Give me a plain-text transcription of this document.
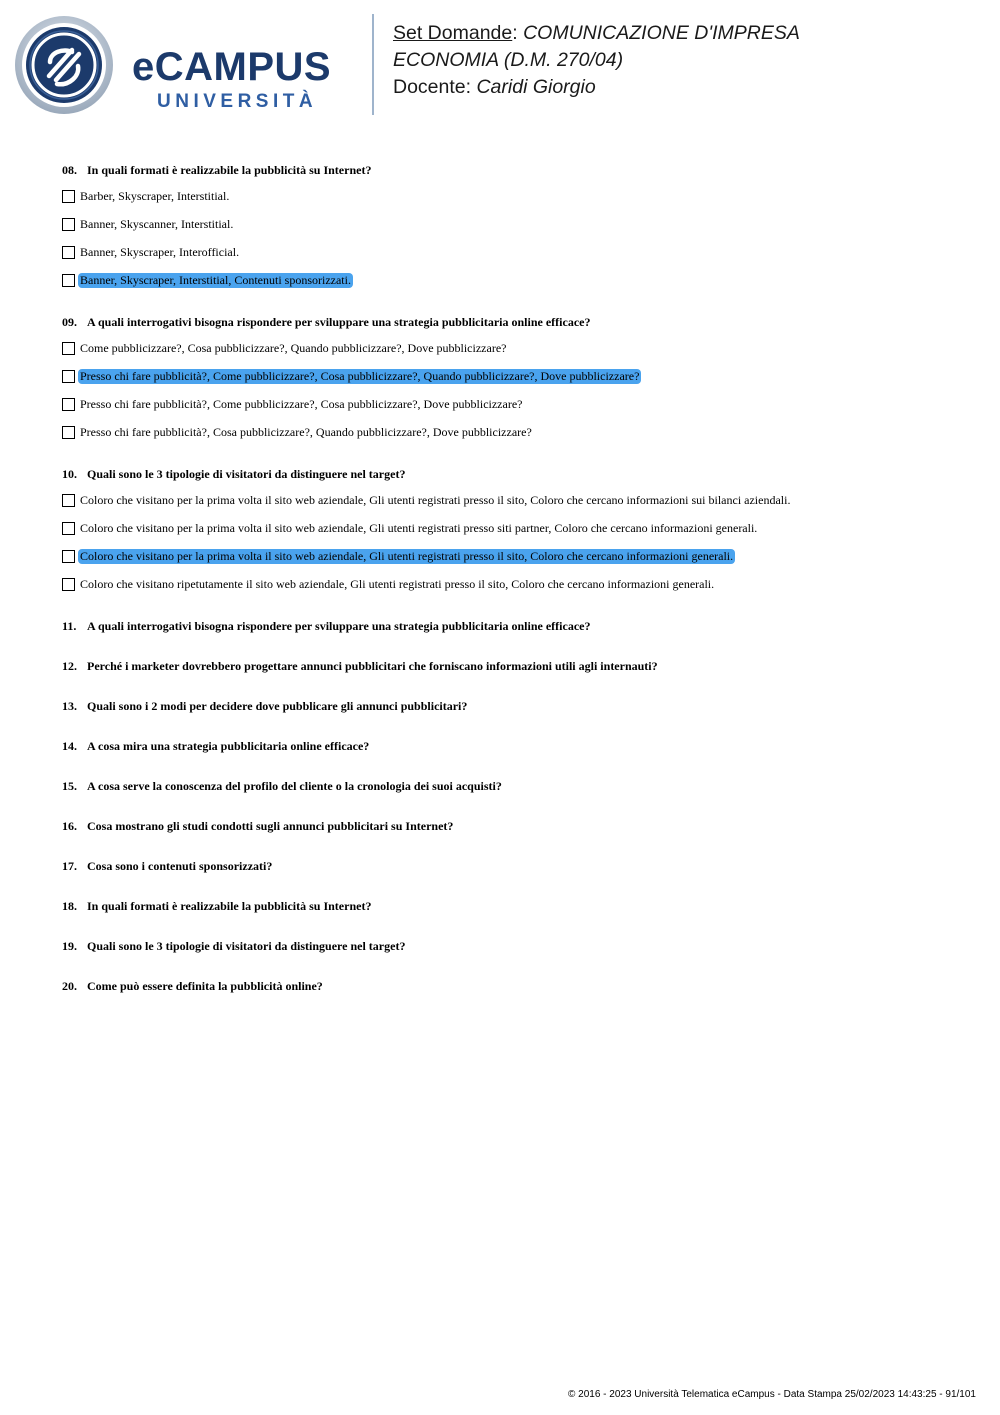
eCAMPUS
UNIVERSITÀ
Set Domande: COMUNICAZIONE D'IMPRESA
ECONOMIA (D.M. 270/04)
Docente: Caridi Giorgio
08. In quali formati è realizzabile la pubblicità su Internet?
Barber, Skyscraper, Interstitial.
Banner, Skyscanner, Interstitial.
Banner, Skyscraper, Interofficial.
Banner, Skyscraper, Interstitial, Contenuti sponsorizzati.
09. A quali interrogativi bisogna rispondere per sviluppare una strategia pubblicitaria online efficace?
Come pubblicizzare?, Cosa pubblicizzare?, Quando pubblicizzare?, Dove pubblicizzare?
Presso chi fare pubblicità?, Come pubblicizzare?, Cosa pubblicizzare?, Quando pubblicizzare?, Dove pubblicizzare?
Presso chi fare pubblicità?, Come pubblicizzare?, Cosa pubblicizzare?, Dove pubblicizzare?
Presso chi fare pubblicità?, Cosa pubblicizzare?, Quando pubblicizzare?, Dove pubblicizzare?
10. Quali sono le 3 tipologie di visitatori da distinguere nel target?
Coloro che visitano per la prima volta il sito web aziendale, Gli utenti registrati presso il sito, Coloro che cercano informazioni sui bilanci aziendali.
Coloro che visitano per la prima volta il sito web aziendale, Gli utenti registrati presso siti partner, Coloro che cercano informazioni generali.
Coloro che visitano per la prima volta il sito web aziendale, Gli utenti registrati presso il sito, Coloro che cercano informazioni generali.
Coloro che visitano ripetutamente il sito web aziendale, Gli utenti registrati presso il sito, Coloro che cercano informazioni generali.
11. A quali interrogativi bisogna rispondere per sviluppare una strategia pubblicitaria online efficace?
12. Perché i marketer dovrebbero progettare annunci pubblicitari che forniscano informazioni utili agli internauti?
13. Quali sono i 2 modi per decidere dove pubblicare gli annunci pubblicitari?
14. A cosa mira una strategia pubblicitaria online efficace?
15. A cosa serve la conoscenza del profilo del cliente o la cronologia dei suoi acquisti?
16. Cosa mostrano gli studi condotti sugli annunci pubblicitari su Internet?
17. Cosa sono i contenuti sponsorizzati?
18. In quali formati è realizzabile la pubblicità su Internet?
19. Quali sono le 3 tipologie di visitatori da distinguere nel target?
20. Come può essere definita la pubblicità online?
© 2016 - 2023 Università Telematica eCampus - Data Stampa 25/02/2023 14:43:25 - 91/101
